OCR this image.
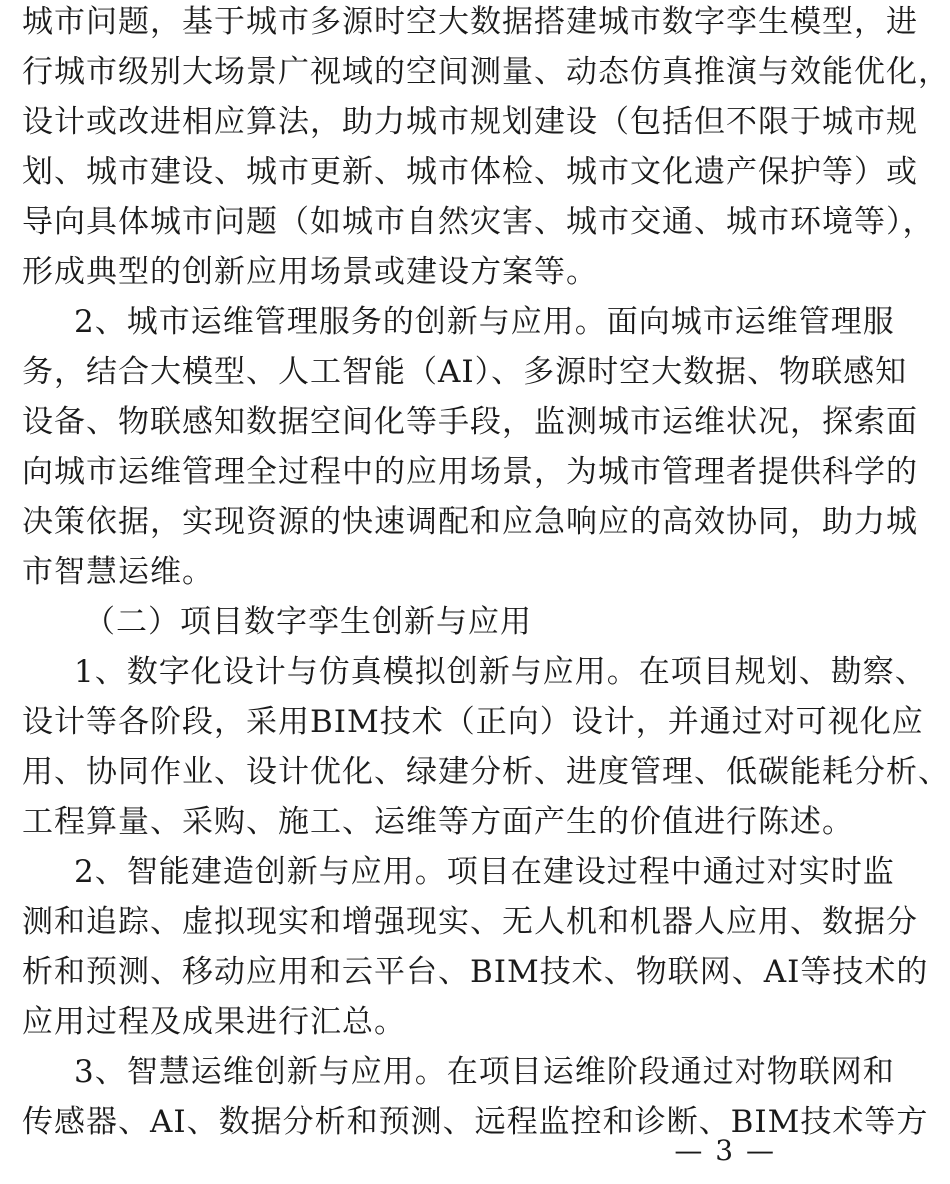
城市问题，基于城市多源时空大数据搭建城市数字孪生模型，进
行城市级别大场景广视域的空间测量、动态仿真推演与效能优化，
设计或改进相应算法，助力城市规划建设（包括但不限于城市规
划、城市建设、城市更新、城市体检、城市文化遗产保护等）或
导向具体城市问题（如城市自然灾害、城市交通、城市环境等），
形成典型的创新应用场景或建设方案等。
2、城市运维管理服务的创新与应用。面向城市运维管理服
务，结合大模型、人工智能（AI）、多源时空大数据、物联感知
设备、物联感知数据空间化等手段，监测城市运维状况，探索面
向城市运维管理全过程中的应用场景，为城市管理者提供科学的
决策依据，实现资源的快速调配和应急响应的高效协同，助力城
市智慧运维。
（二）项目数字孪生创新与应用
1、数字化设计与仿真模拟创新与应用。在项目规划、勘察、
设计等各阶段，采用BIM技术（正向）设计，并通过对可视化应
用、协同作业、设计优化、绿建分析、进度管理、低碳能耗分析、
工程算量、采购、施工、运维等方面产生的价值进行陈述。
2、智能建造创新与应用。项目在建设过程中通过对实时监
测和追踪、虚拟现实和增强现实、无人机和机器人应用、数据分
析和预测、移动应用和云平台、BIM技术、物联网、AI等技术的
应用过程及成果进行汇总。
3、智慧运维创新与应用。在项目运维阶段通过对物联网和
传感器、AI、数据分析和预测、远程监控和诊断、BIM技术等方
— 3 —
